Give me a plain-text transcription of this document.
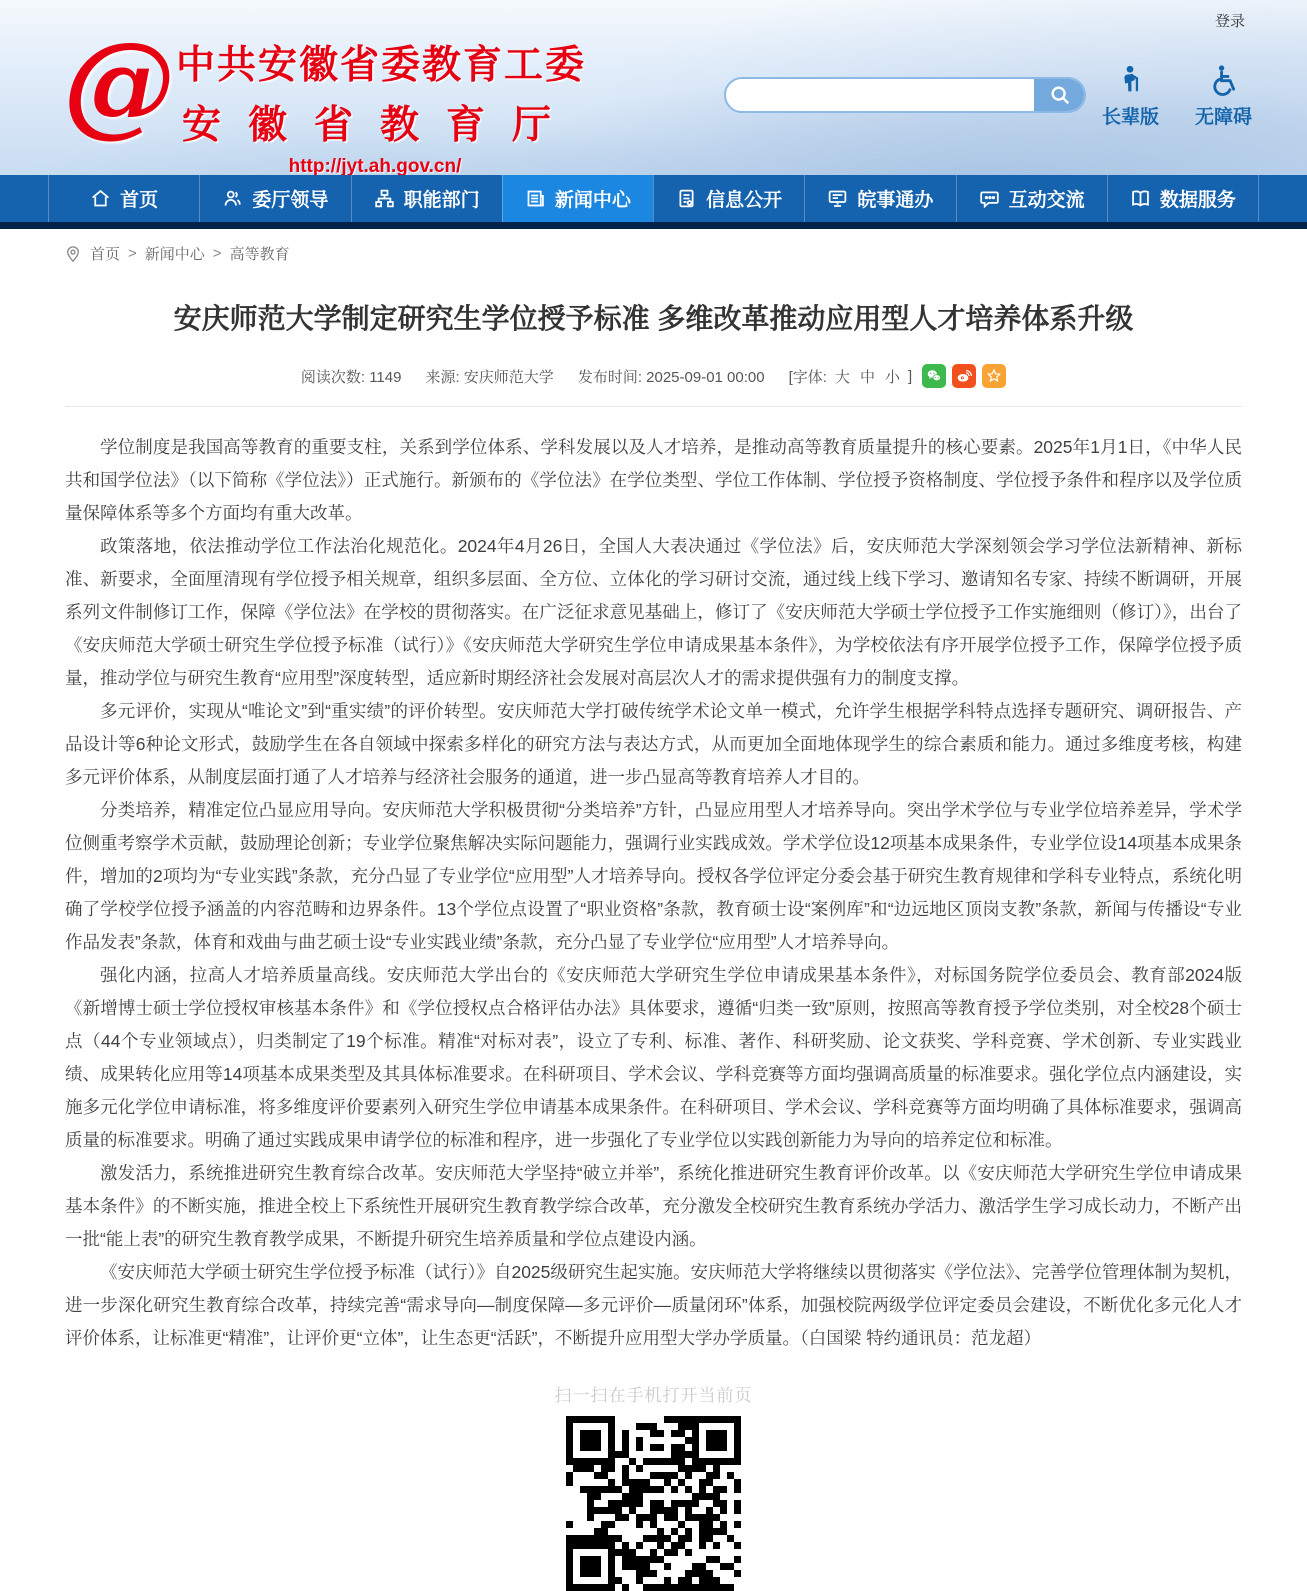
登录
@ 中共安徽省委教育工委
安徽省教育厅
http://jyt.ah.gov.cn/
长辈版 无障碍
首页	委厅领导	职能部门	新闻中心	信息公开	皖事通办	互动交流	数据服务
首页 > 新闻中心 > 高等教育
安庆师范大学制定研究生学位授予标准 多维改革推动应用型人才培养体系升级
阅读次数: 1149 来源: 安庆师范大学 发布时间: 2025-09-01 00:00 [字体: 大 中 小 ]

学位制度是我国高等教育的重要支柱，关系到学位体系、学科发展以及人才培养，是推动高等教育质量提升的核心要素。2025年1月1日，《中华人民共和国学位法》（以下简称《学位法》）正式施行。新颁布的《学位法》在学位类型、学位工作体制、学位授予资格制度、学位授予条件和程序以及学位质量保障体系等多个方面均有重大改革。

政策落地，依法推动学位工作法治化规范化。2024年4月26日，全国人大表决通过《学位法》后，安庆师范大学深刻领会学习学位法新精神、新标准、新要求，全面厘清现有学位授予相关规章，组织多层面、全方位、立体化的学习研讨交流，通过线上线下学习、邀请知名专家、持续不断调研，开展系列文件制修订工作，保障《学位法》在学校的贯彻落实。在广泛征求意见基础上，修订了《安庆师范大学硕士学位授予工作实施细则（修订）》，出台了《安庆师范大学硕士研究生学位授予标准（试行）》《安庆师范大学研究生学位申请成果基本条件》，为学校依法有序开展学位授予工作，保障学位授予质量，推动学位与研究生教育“应用型”深度转型，适应新时期经济社会发展对高层次人才的需求提供强有力的制度支撑。

多元评价，实现从“唯论文”到“重实绩”的评价转型。安庆师范大学打破传统学术论文单一模式，允许学生根据学科特点选择专题研究、调研报告、产品设计等6种论文形式，鼓励学生在各自领域中探索多样化的研究方法与表达方式，从而更加全面地体现学生的综合素质和能力。通过多维度考核，构建多元评价体系，从制度层面打通了人才培养与经济社会服务的通道，进一步凸显高等教育培养人才目的。

分类培养，精准定位凸显应用导向。安庆师范大学积极贯彻“分类培养”方针，凸显应用型人才培养导向。突出学术学位与专业学位培养差异，学术学位侧重考察学术贡献，鼓励理论创新；专业学位聚焦解决实际问题能力，强调行业实践成效。学术学位设12项基本成果条件，专业学位设14项基本成果条件，增加的2项均为“专业实践”条款，充分凸显了专业学位“应用型”人才培养导向。授权各学位评定分委会基于研究生教育规律和学科专业特点，系统化明确了学校学位授予涵盖的内容范畴和边界条件。13个学位点设置了“职业资格”条款，教育硕士设“案例库”和“边远地区顶岗支教”条款，新闻与传播设“专业作品发表”条款，体育和戏曲与曲艺硕士设“专业实践业绩”条款，充分凸显了专业学位“应用型”人才培养导向。

强化内涵，拉高人才培养质量高线。安庆师范大学出台的《安庆师范大学研究生学位申请成果基本条件》，对标国务院学位委员会、教育部2024版《新增博士硕士学位授权审核基本条件》和《学位授权点合格评估办法》具体要求，遵循“归类一致”原则，按照高等教育授予学位类别，对全校28个硕士点（44个专业领域点），归类制定了19个标准。精准“对标对表”，设立了专利、标准、著作、科研奖励、论文获奖、学科竞赛、学术创新、专业实践业绩、成果转化应用等14项基本成果类型及其具体标准要求。在科研项目、学术会议、学科竞赛等方面均强调高质量的标准要求。强化学位点内涵建设，实施多元化学位申请标准，将多维度评价要素列入研究生学位申请基本成果条件。在科研项目、学术会议、学科竞赛等方面均明确了具体标准要求，强调高质量的标准要求。明确了通过实践成果申请学位的标准和程序，进一步强化了专业学位以实践创新能力为导向的培养定位和标准。

激发活力，系统推进研究生教育综合改革。安庆师范大学坚持“破立并举”，系统化推进研究生教育评价改革。以《安庆师范大学研究生学位申请成果基本条件》的不断实施，推进全校上下系统性开展研究生教育教学综合改革，充分激发全校研究生教育系统办学活力、激活学生学习成长动力，不断产出一批“能上表”的研究生教育教学成果，不断提升研究生培养质量和学位点建设内涵。

《安庆师范大学硕士研究生学位授予标准（试行）》自2025级研究生起实施。安庆师范大学将继续以贯彻落实《学位法》、完善学位管理体制为契机，进一步深化研究生教育综合改革，持续完善“需求导向—制度保障—多元评价—质量闭环”体系，加强校院两级学位评定委员会建设，不断优化多元化人才评价体系，让标准更“精准”，让评价更“立体”，让生态更“活跃”，不断提升应用型大学办学质量。（白国梁 特约通讯员：范龙超）

扫一扫在手机打开当前页
